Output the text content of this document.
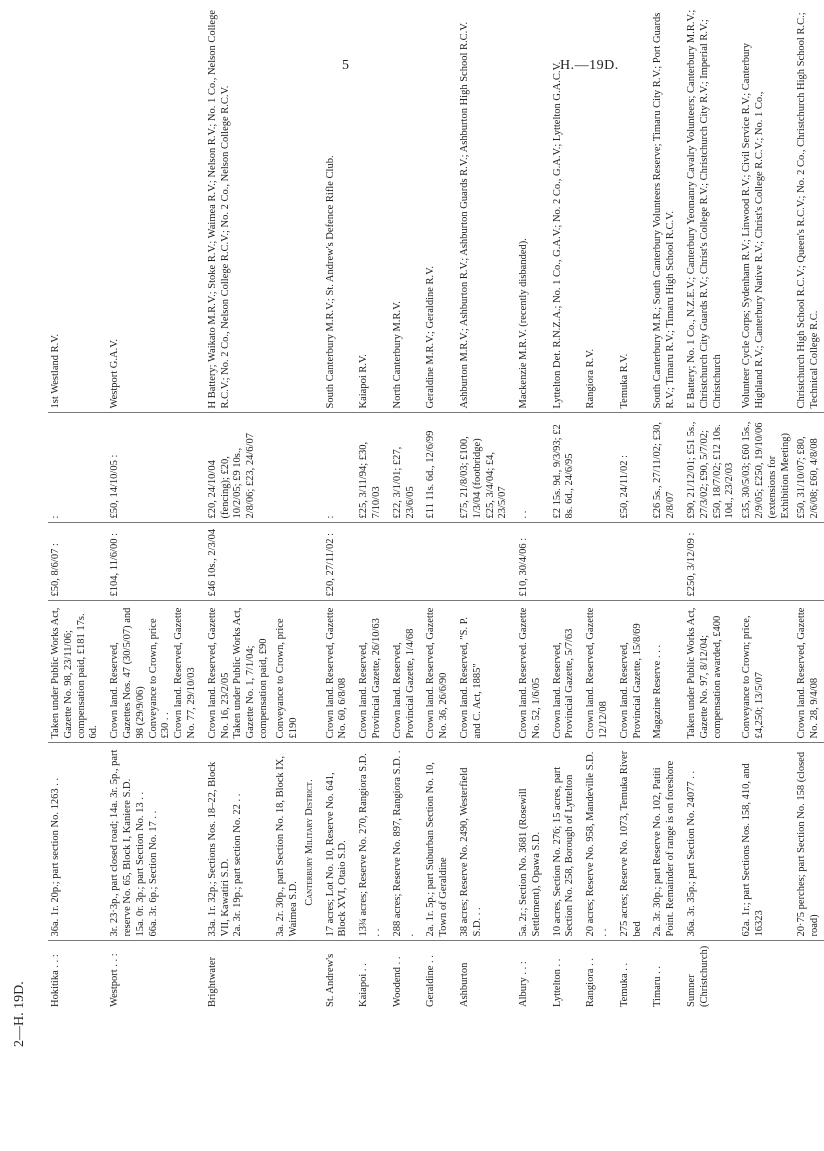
5	H.—19D.
2—H. 19D.
Hokitika . . :	36a. 1r. 20p.; part section No. 1263 . .	Taken under Public Works Act, Gazette No. 98, 23/11/06; compensation paid, £181 17s. 6d.	£50, 8/6/07 :	:	1st Westland R.V.

Westport . . :	3r. 23·3p., part closed road; 14a. 3r. 5p., part reserve No. 65, Block I, Kaniere S.D. 15a. 0r. 3p.; part Section No. 13 . . 66a. 3r. 6p.; Section No. 17 . .	Crown land. Reserved, Gazettes Nos. 47 (30/5/07) and 98 (29/9/06) Conveyance to Crown, price £30 . . Crown land. Reserved, Gazette No. 77, 29/10/03	£104, 11/6/00 :	£50, 14/10/05 :	Westport G.A.V.

Brightwater	33a. 1r. 32p.; Sections Nos. 18–22, Block VII, Kawatiri S.D. 2a. 3r. 19p.; part section No. 22 . .	Crown land. Reserved, Gazette No. 16, 23/2/05 Taken under Public Works Act, Gazette No. 1, 7/1/04; compensation paid, £90	£46 10s., 2/3/04	£20, 24/10/04 (fencing); £20, 10/2/05; £9 10s., 2/8/06; £23, 24/6/07	H Battery; Waikato M.R.V.; Stoke R.V.; Waimea R.V.; Nelson R.V.; No. 1 Co., Nelson College R.C.V.; No. 2 Co., Nelson College R.C.V.; No. 2 Co., Nelson College R.C.V.

	3a. 2r. 30p., part Section No. 18, Block IX, Waimea S.D.	Conveyance to Crown, price £190			

	Canterbury Military District.				

St. Andrew's	17 acres; Lot No. 10, Reserve No. 641, Block XVI, Otaio S.D.	Crown land. Reserved, Gazette No. 60, 6/8/08	£20, 27/11/02 :	:	South Canterbury M.R.V.; St. Andrew's Defence Rifle Club.

Kaiapoi . .	13¾ acres; Reserve No. 270, Rangiora S.D. . .	Crown land. Reserved, Provincial Gazette, 26/10/63		£25, 3/11/94; £30, 7/10/03	Kaiapoi R.V.

Woodend . .	288 acres; Reserve No. 897, Rangiora S.D. . .	Crown land. Reserved, Provincial Gazette, 1/4/68		£22, 3/1/01; £27, 23/6/05	North Canterbury M.R.V.

Geraldine . .	2a. 1r. 5p.; part Suburban Section No. 10, Town of Geraldine	Crown land. Reserved, Gazette No. 36, 26/6/90		£11 11s. 6d., 12/6/99	Geraldine M.R.V.; Geraldine R.V.

Ashburton	38 acres; Reserve No. 2490, Westerfield S.D. . .	Crown land. Reserved, "S. P. and C. Act, 1885"		£75, 21/8/03; £100, 1/3/04 (footbridge) £25, 3/4/04; £4, 23/5/07	Ashburton M.R.V.; Ashburton R.V.; Ashburton Guards R.V.; Ashburton High School R.C.V.

Albury . . :	5a. 2r.; Section No. 3681 (Rosewill Settlement), Opawa S.D.	Crown land. Reserved. Gazette No. 52, 1/6/05	£10, 30/4/06 :	. .	Mackenzie M.R.V. (recently disbanded).

Lyttelton . .	10 acres, Section No. 276; 15 acres, part Section No. 258, Borough of Lyttelton	Crown land. Reserved, Provincial Gazette, 5/7/63		£2 15s. 9d., 9/3/93; £2 8s. 6d., 24/6/95	Lyttelton Det. R.N.Z.A.; No. 1 Co., G.A.V.; No. 2 Co., G.A.V.; Lyttelton G.A.C.V.

Rangiora . .	20 acres; Reserve No. 958, Mandeville S.D. . .	Crown land. Reserved, Gazette 12/12/08			Rangiora R.V.

Temuka . .	275 acres; Reserve No. 1073, Temuka River bed	Crown land. Reserved, Provincial Gazette, 15/8/69		£50, 24/11/02 :	Temuka R.V.

Timaru . .	2a. 3r. 30p.; part Reserve No. 102, Patiti Point. Remainder of range is on foreshore	Magazine Reserve . . .		£26 5s., 27/11/02; £30, 2/8/07	South Canterbury M.R.; South Canterbury Volunteers Reserve; Timaru City R.V.; Port Guards R.V.; Timaru R.V.; Timaru High School R.C.V.

Sumner (Christchurch)	36a. 3r. 35p.; part Section No. 24077 . .	Taken under Public Works Act, Gazette No. 97, 8/12/04; compensation awarded, £400	£250, 3/12/09 :	£90, 21/12/01; £51 5s., 27/3/02; £90, 5/7/02; £50, 18/7/02; £12 10s. 10d., 23/2/03	E Battery; No. 1 Co., N.Z.E.V.; Canterbury Yeomanry Cavalry Volunteers; Canterbury M.R.V.; Christchurch City Guards R.V.; Christ's College R.V.; Christchurch City R.V.; Imperial R.V.; Christchurch

	62a. 1r.; part Sections Nos. 158, 410, and 16323	Conveyance to Crown; price, £4,250; 13/5/07		£35, 30/5/03; £60 15s., 2/9/05; £250, 19/10/06 (extensions for Exhibition Meeting)	Volunteer Cycle Corps; Sydenham R.V.; Linwood R.V.; Civil Service R.V.; Canterbury Highland R.V.; Canterbury Native R.V.; Christ's College R.C.V.; No. 1 Co.,

	20·75 perches; part Section No. 158 (closed road)	Crown land. Reserved, Gazette No. 28, 9/4/08		£50, 31/10/07; £80, 2/6/08; £60, 4/8/08	Christchurch High School R.C.V.; Queen's R.C.V.; No. 2 Co., Christchurch High School R.C.; Technical College R.C.
